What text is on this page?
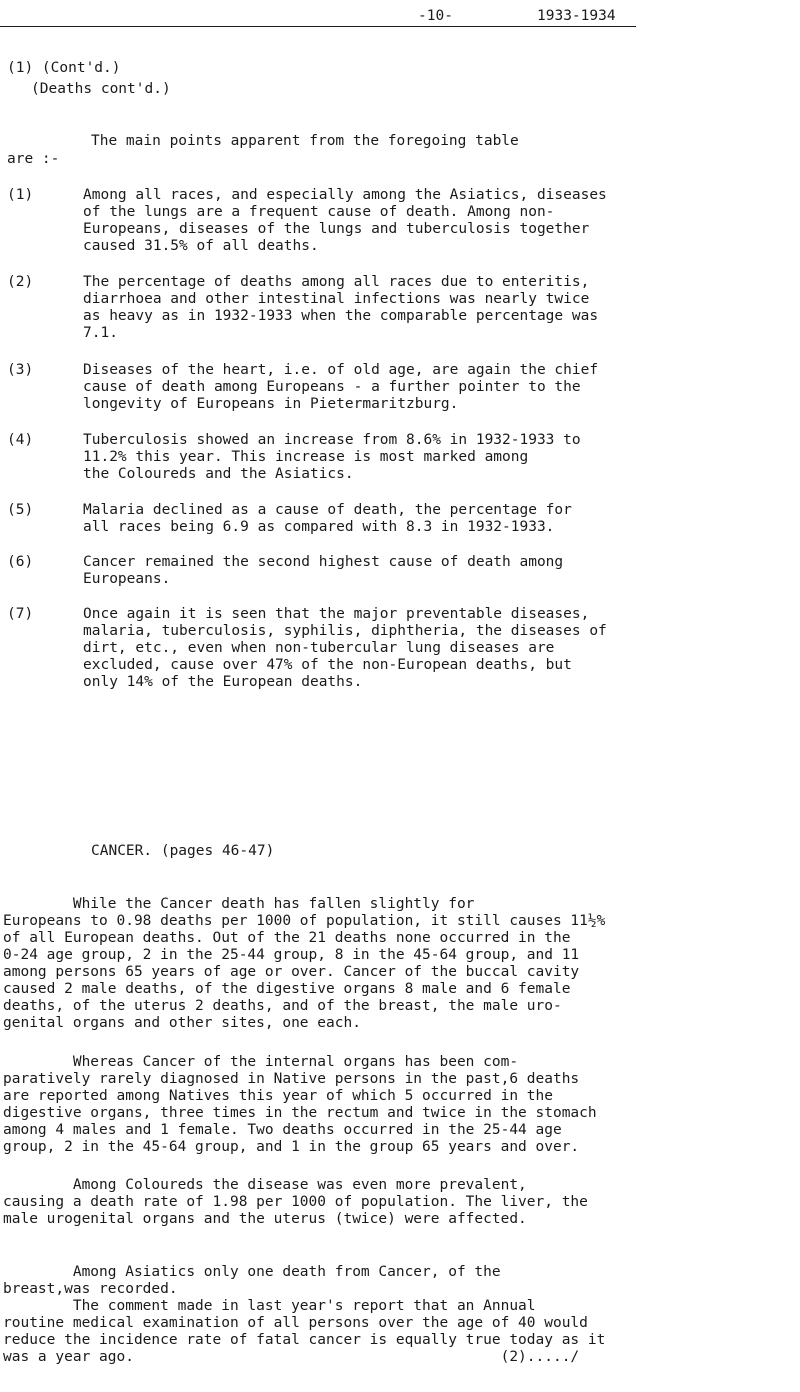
-10-	1933-1934
(1) (Cont'd.)
(Deaths cont'd.)
The main points apparent from the foregoing table
are :-
(1)	Among all races, and especially among the Asiatics, diseases
of the lungs are a frequent cause of death. Among non-
Europeans, diseases of the lungs and tuberculosis together
caused 31.5% of all deaths.
(2)	The percentage of deaths among all races due to enteritis,
diarrhoea and other intestinal infections was nearly twice
as heavy as in 1932-1933 when the comparable percentage was
7.1.
(3)	Diseases of the heart, i.e. of old age, are again the chief
cause of death among Europeans - a further pointer to the
longevity of Europeans in Pietermaritzburg.
(4)	Tuberculosis showed an increase from 8.6% in 1932-1933 to
11.2% this year. This increase is most marked among
the Coloureds and the Asiatics.
(5)	Malaria declined as a cause of death, the percentage for
all races being 6.9 as compared with 8.3 in 1932-1933.
(6)	Cancer remained the second highest cause of death among
Europeans.
(7)	Once again it is seen that the major preventable diseases,
malaria, tuberculosis, syphilis, diphtheria, the diseases of
dirt, etc., even when non-tubercular lung diseases are
excluded, cause over 47% of the non-European deaths, but
only 14% of the European deaths.
CANCER. (pages 46-47)
While the Cancer death has fallen slightly for
Europeans to 0.98 deaths per 1000 of population, it still causes 11½%
of all European deaths. Out of the 21 deaths none occurred in the
0-24 age group, 2 in the 25-44 group, 8 in the 45-64 group, and 11
among persons 65 years of age or over. Cancer of the buccal cavity
caused 2 male deaths, of the digestive organs 8 male and 6 female
deaths, of the uterus 2 deaths, and of the breast, the male uro-
genital organs and other sites, one each.
Whereas Cancer of the internal organs has been com-
paratively rarely diagnosed in Native persons in the past,6 deaths
are reported among Natives this year of which 5 occurred in the
digestive organs, three times in the rectum and twice in the stomach
among 4 males and 1 female. Two deaths occurred in the 25-44 age
group, 2 in the 45-64 group, and 1 in the group 65 years and over.
Among Coloureds the disease was even more prevalent,
causing a death rate of 1.98 per 1000 of population. The liver, the
male urogenital organs and the uterus (twice) were affected.
Among Asiatics only one death from Cancer, of the
breast,was recorded.
The comment made in last year's report that an Annual
routine medical examination of all persons over the age of 40 would
reduce the incidence rate of fatal cancer is equally true today as it
was a year ago.                                          (2)...../
